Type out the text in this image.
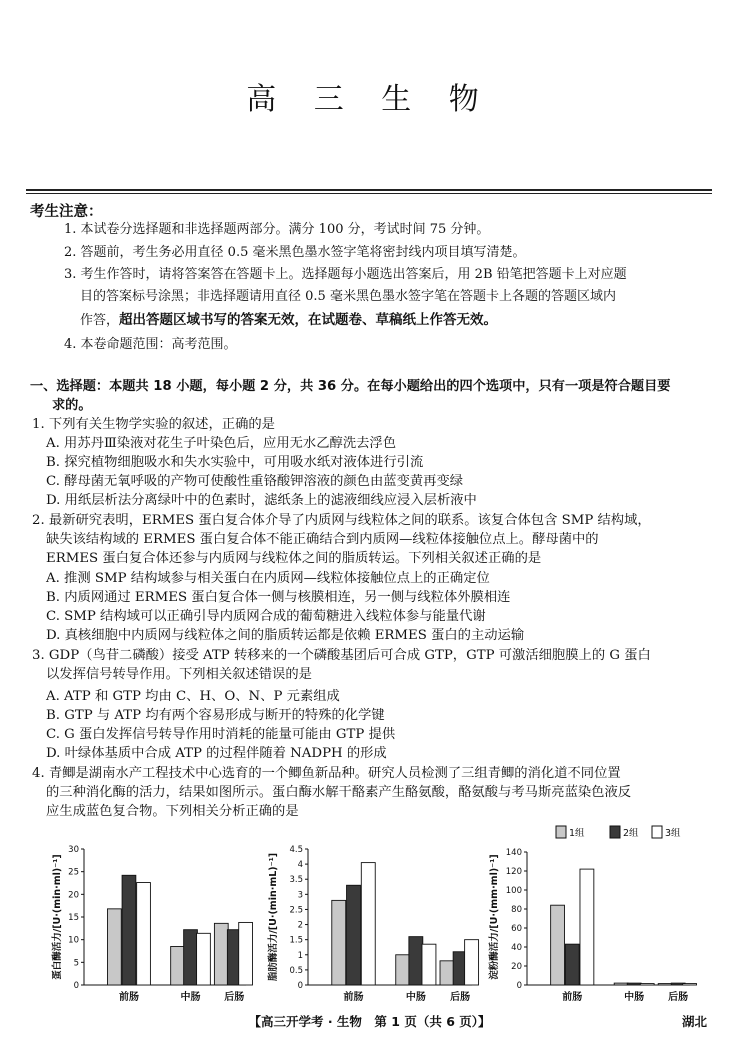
高 三 生 物
考生注意：
1. 本试卷分选择题和非选择题两部分。满分 100 分，考试时间 75 分钟。
2. 答题前，考生务必用直径 0.5 毫米黑色墨水签字笔将密封线内项目填写清楚。
3. 考生作答时，请将答案答在答题卡上。选择题每小题选出答案后，用 2B 铅笔把答题卡上对应题
目的答案标号涂黑；非选择题请用直径 0.5 毫米黑色墨水签字笔在答题卡上各题的答题区域内
作答，超出答题区域书写的答案无效，在试题卷、草稿纸上作答无效。
4. 本卷命题范围：高考范围。
一、选择题：本题共 18 小题，每小题 2 分，共 36 分。在每小题给出的四个选项中，只有一项是符合题目要
求的。
1. 下列有关生物学实验的叙述，正确的是
A. 用苏丹Ⅲ染液对花生子叶染色后，应用无水乙醇洗去浮色
B. 探究植物细胞吸水和失水实验中，可用吸水纸对液体进行引流
C. 酵母菌无氧呼吸的产物可使酸性重铬酸钾溶液的颜色由蓝变黄再变绿
D. 用纸层析法分离绿叶中的色素时，滤纸条上的滤液细线应浸入层析液中
2. 最新研究表明，ERMES 蛋白复合体介导了内质网与线粒体之间的联系。该复合体包含 SMP 结构域，
缺失该结构域的 ERMES 蛋白复合体不能正确结合到内质网—线粒体接触位点上。酵母菌中的
ERMES 蛋白复合体还参与内质网与线粒体之间的脂质转运。下列相关叙述正确的是
A. 推测 SMP 结构域参与相关蛋白在内质网—线粒体接触位点上的正确定位
B. 内质网通过 ERMES 蛋白复合体一侧与核膜相连，另一侧与线粒体外膜相连
C. SMP 结构域可以正确引导内质网合成的葡萄糖进入线粒体参与能量代谢
D. 真核细胞中内质网与线粒体之间的脂质转运都是依赖 ERMES 蛋白的主动运输
3. GDP（鸟苷二磷酸）接受 ATP 转移来的一个磷酸基团后可合成 GTP，GTP 可激活细胞膜上的 G 蛋白
以发挥信号转导作用。下列相关叙述错误的是
A. ATP 和 GTP 均由 C、H、O、N、P 元素组成
B. GTP 与 ATP 均有两个容易形成与断开的特殊的化学键
C. G 蛋白发挥信号转导作用时消耗的能量可能由 GTP 提供
D. 叶绿体基质中合成 ATP 的过程伴随着 NADPH 的形成
4. 青鲫是湖南水产工程技术中心选育的一个鲫鱼新品种。研究人员检测了三组青鲫的消化道不同位置
的三种消化酶的活力，结果如图所示。蛋白酶水解干酪素产生酪氨酸，酪氨酸与考马斯亮蓝染色液反
应生成蓝色复合物。下列相关分析正确的是
0
5
10
15
20
25
30
蛋白酶活力/[U·(min·ml)⁻¹]
前肠	中肠 后肠
0
0.5
1
1.5
2
2.5
3
3.5
4
4.5
脂肪酶活力/[U·(min·mL)⁻¹]
前肠	中肠 后肠
0
20
40
60
80
100
120
140
淀粉酶活力/[U·(mm·ml)⁻¹]
前肠	中肠 后肠
1组	2组	3组
【高三开学考 · 生物　第 1 页（共 6 页）】	湖北
